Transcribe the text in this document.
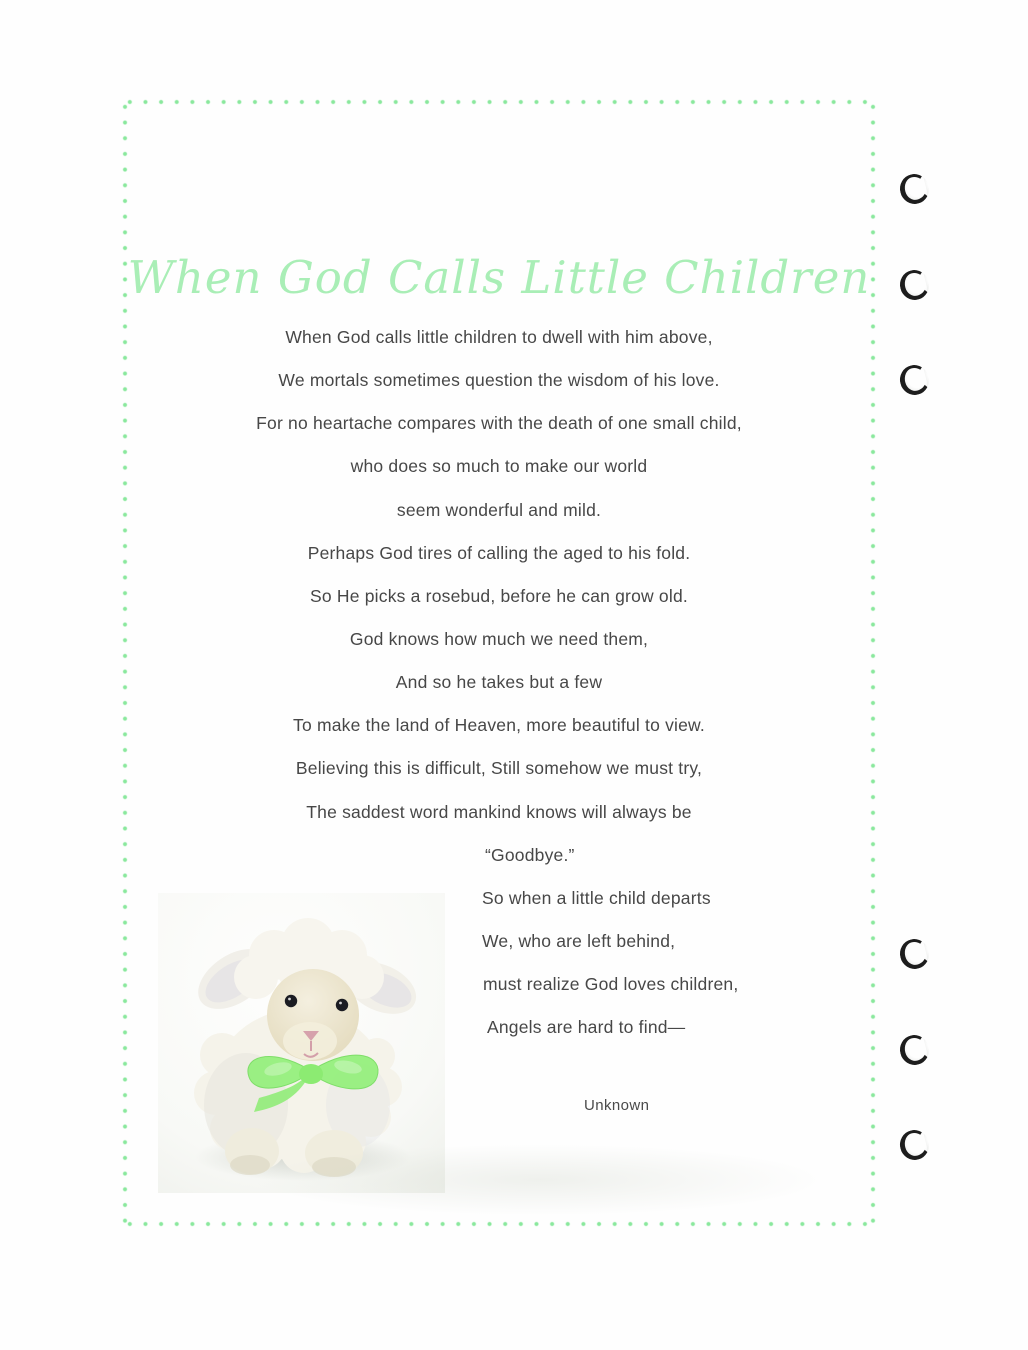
When God Calls Little Children
When God calls little children to dwell with him above,
We mortals sometimes question the wisdom of his love.
For no heartache compares with the death of one small child,
who does so much to make our world
seem wonderful and mild.
Perhaps God tires of calling the aged to his fold.
So He picks a rosebud, before he can grow old.
God knows how much we need them,
And so he takes but a few
To make the land of Heaven, more beautiful to view.
Believing this is difficult, Still somehow we must try,
The saddest word mankind knows will always be
“Goodbye.”
So when a little child departs
We, who are left behind,
must realize God loves children,
Angels are hard to find—
Unknown
